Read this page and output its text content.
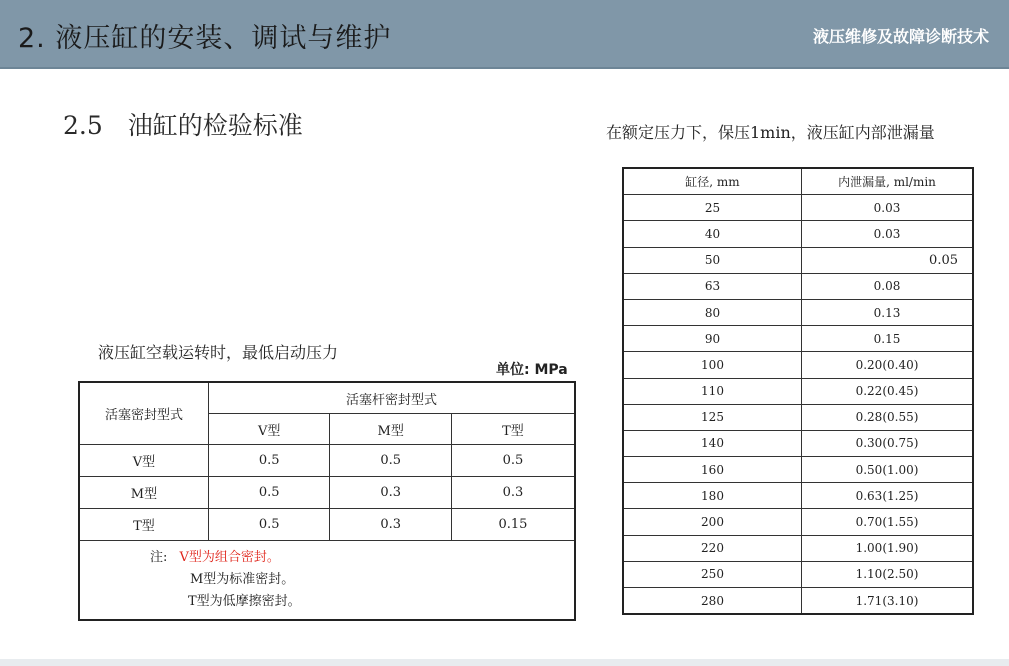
2. 液压缸的安装、调试与维护	液压维修及故障诊断技术
2.5　油缸的检验标准	在额定压力下，保压1min，液压缸内部泄漏量
液压缸空载运转时，最低启动压力
单位: MPa
活塞密封型式	活塞杆密封型式		
	V型	M型	T型
V型	0.5	0.5	0.5
M型	0.5	0.3	0.3
T型	0.5	0.3	0.15

注: V型为组合密封。
M型为标准密封。
T型为低摩擦密封。			
缸径, mm	内泄漏量, ml/min
25	0.03
40	0.03
50	0.05
63	0.08
80	0.13
90	0.15
100	0.20(0.40)
110	0.22(0.45)
125	0.28(0.55)
140	0.30(0.75)
160	0.50(1.00)
180	0.63(1.25)
200	0.70(1.55)
220	1.00(1.90)
250	1.10(2.50)
280	1.71(3.10)
